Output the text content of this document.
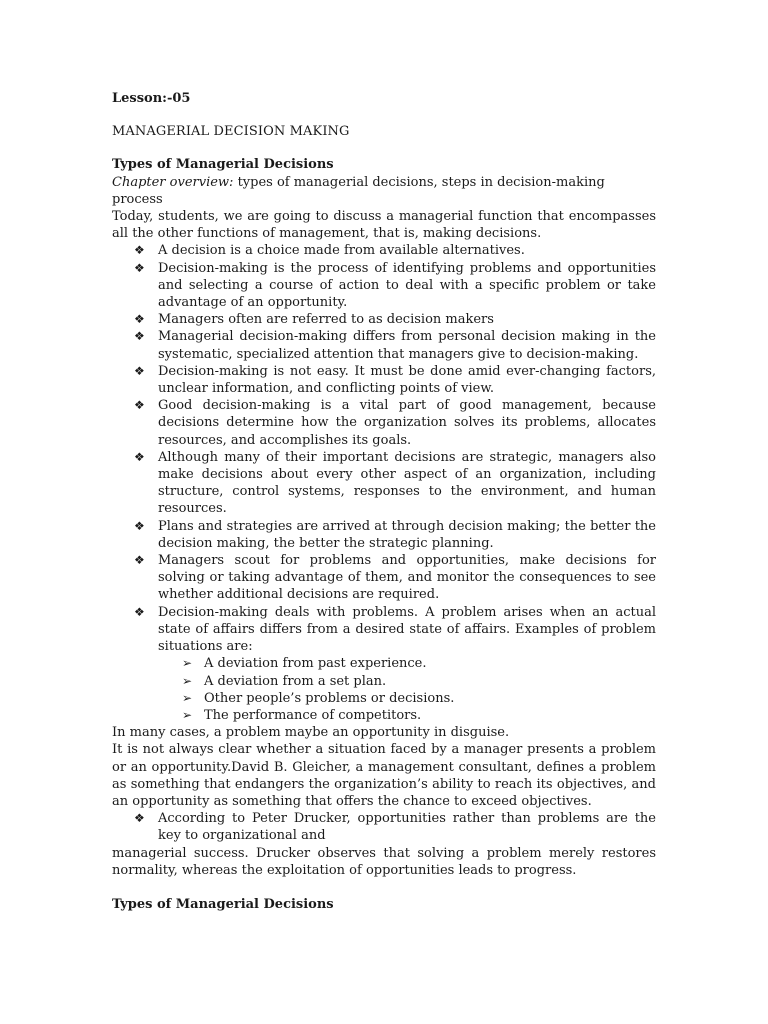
Lesson:-05
MANAGERIAL DECISION MAKING
Types of Managerial Decisions
Chapter overview: types of managerial decisions, steps in decision-making process

Today, students, we are going to discuss a managerial function that encompasses all the other functions of management, that is, making decisions.

❖ A decision is a choice made from available alternatives.
❖ Decision-making is the process of identifying problems and opportunities and selecting a course of action to deal with a specific problem or take advantage of an opportunity.
❖ Managers often are referred to as decision makers
❖ Managerial decision-making differs from personal decision making in the systematic, specialized attention that managers give to decision-making.
❖ Decision-making is not easy. It must be done amid ever-changing factors, unclear information, and conflicting points of view.
❖ Good decision-making is a vital part of good management, because decisions determine how the organization solves its problems, allocates resources, and accomplishes its goals.
❖ Although many of their important decisions are strategic, managers also make decisions about every other aspect of an organization, including structure, control systems, responses to the environment, and human resources.
❖ Plans and strategies are arrived at through decision making; the better the decision making, the better the strategic planning.
❖ Managers scout for problems and opportunities, make decisions for solving or taking advantage of them, and monitor the consequences to see whether additional decisions are required.
❖ Decision-making deals with problems. A problem arises when an actual state of affairs differs from a desired state of affairs. Examples of problem situations are:
➢ A deviation from past experience.
➢ A deviation from a set plan.
➢ Other people’s problems or decisions.
➢ The performance of competitors.

In many cases, a problem maybe an opportunity in disguise.

It is not always clear whether a situation faced by a manager presents a problem or an opportunity.David B. Gleicher, a management consultant, defines a problem as something that endangers the organization’s ability to reach its objectives, and an opportunity as something that offers the chance to exceed objectives.

❖ According to Peter Drucker, opportunities rather than problems are the key to organizational and

managerial success. Drucker observes that solving a problem merely restores normality, whereas the exploitation of opportunities leads to progress.

Types of Managerial Decisions
